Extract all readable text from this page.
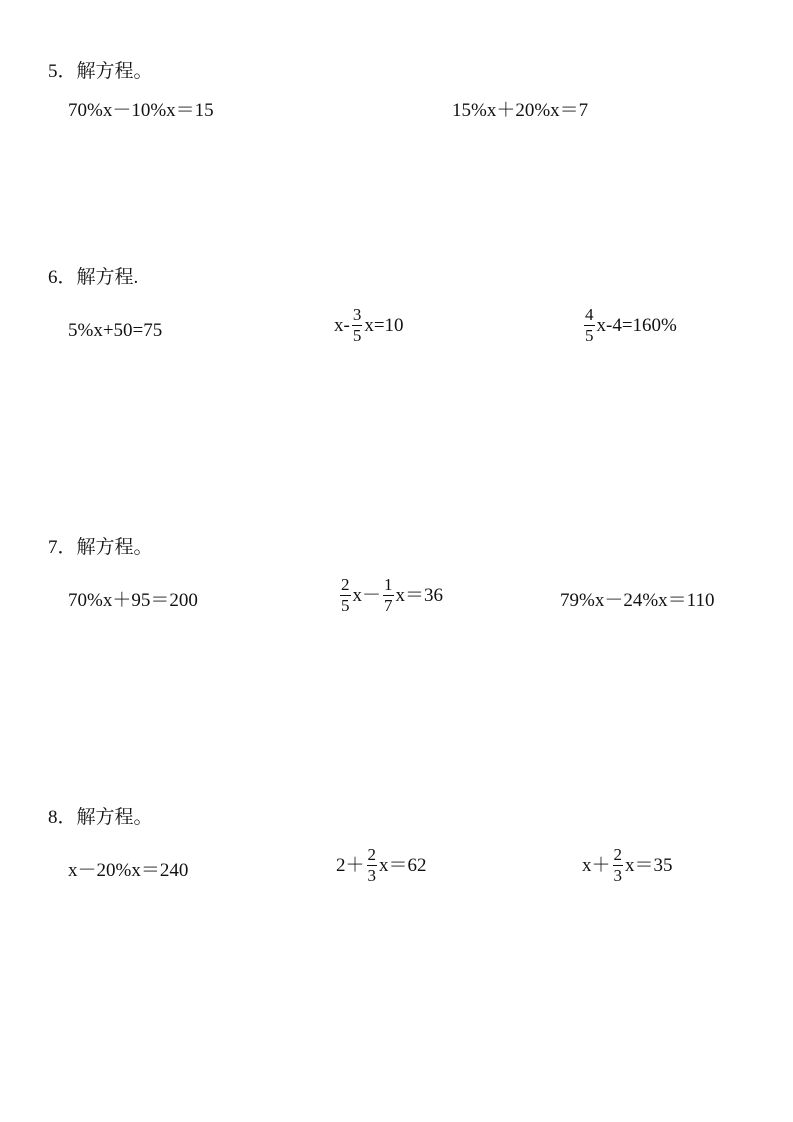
5．解方程。
70%x－10%x＝15	15%x＋20%x＝7
6．解方程.
5%x+50=75	$x- \frac{3}{5} x=10$	$\frac{4}{5} x-4=160\%$
7．解方程。
70%x＋95＝200	$\frac{2}{5} x- \frac{1}{7} x=36$	79%x－24%x＝110
8．解方程。
x－20%x＝240	$2+ \frac{2}{3} x=62$	$x+ \frac{2}{3} x=35$
